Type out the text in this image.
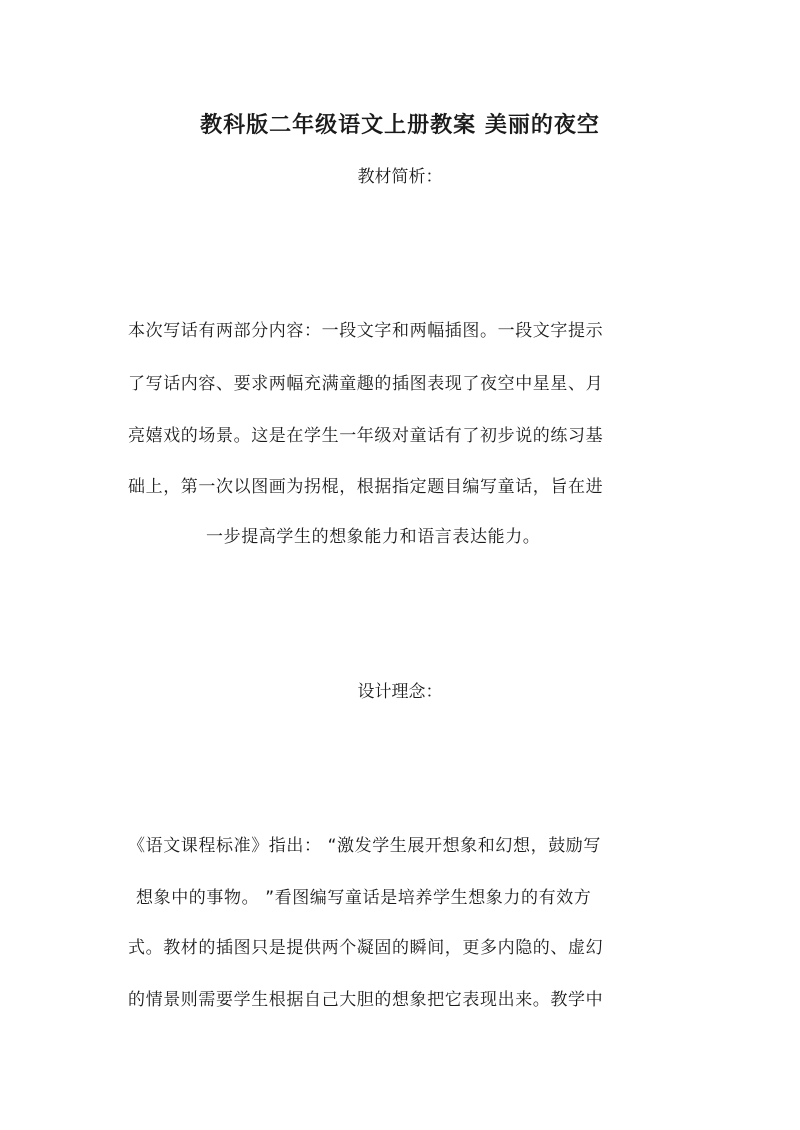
教科版二年级语文上册教案 美丽的夜空
教材简析：
本次写话有两部分内容：一段文字和两幅插图。一段文字提示
了写话内容、要求两幅充满童趣的插图表现了夜空中星星、月
亮嬉戏的场景。这是在学生一年级对童话有了初步说的练习基
础上，第一次以图画为拐棍，根据指定题目编写童话，旨在进
一步提高学生的想象能力和语言表达能力。
设计理念：
《语文课程标准》指出： “激发学生展开想象和幻想，鼓励写
想象中的事物。 ”看图编写童话是培养学生想象力的有效方
式。教材的插图只是提供两个凝固的瞬间，更多内隐的、虚幻
的情景则需要学生根据自己大胆的想象把它表现出来。教学中
